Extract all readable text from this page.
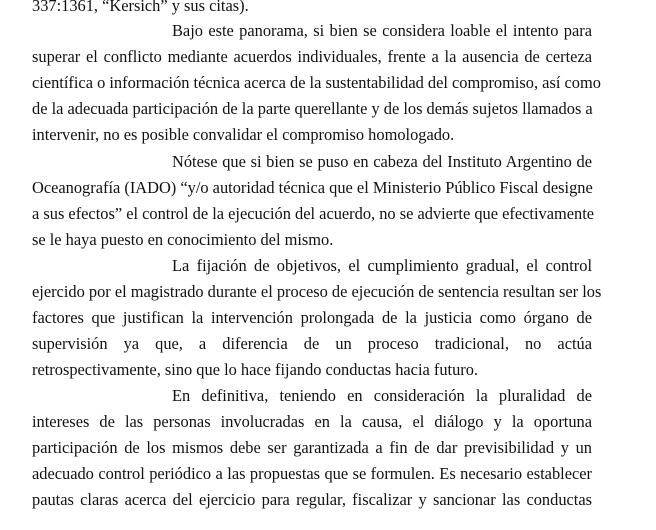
337:1361, “Kersich” y sus citas).
Bajo este panorama, si bien se considera loable el intento para
superar el conflicto mediante acuerdos individuales, frente a la ausencia de certeza
científica o información técnica acerca de la sustentabilidad del compromiso, así como
de la adecuada participación de la parte querellante y de los demás sujetos llamados a
intervenir, no es posible convalidar el compromiso homologado.
Nótese que si bien se puso en cabeza del Instituto Argentino de
Oceanografía (IADO) “y/o autoridad técnica que el Ministerio Público Fiscal designe
a sus efectos” el control de la ejecución del acuerdo, no se advierte que efectivamente
se le haya puesto en conocimiento del mismo.
La fijación de objetivos, el cumplimiento gradual, el control
ejercido por el magistrado durante el proceso de ejecución de sentencia resultan ser los
factores que justifican la intervención prolongada de la justicia como órgano de
supervisión ya que, a diferencia de un proceso tradicional, no actúa
retrospectivamente, sino que lo hace fijando conductas hacia futuro.
En definitiva, teniendo en consideración la pluralidad de
intereses de las personas involucradas en la causa, el diálogo y la oportuna
participación de los mismos debe ser garantizada a fin de dar previsibilidad y un
adecuado control periódico a las propuestas que se formulen. Es necesario establecer
pautas claras acerca del ejercicio para regular, fiscalizar y sancionar las conductas
